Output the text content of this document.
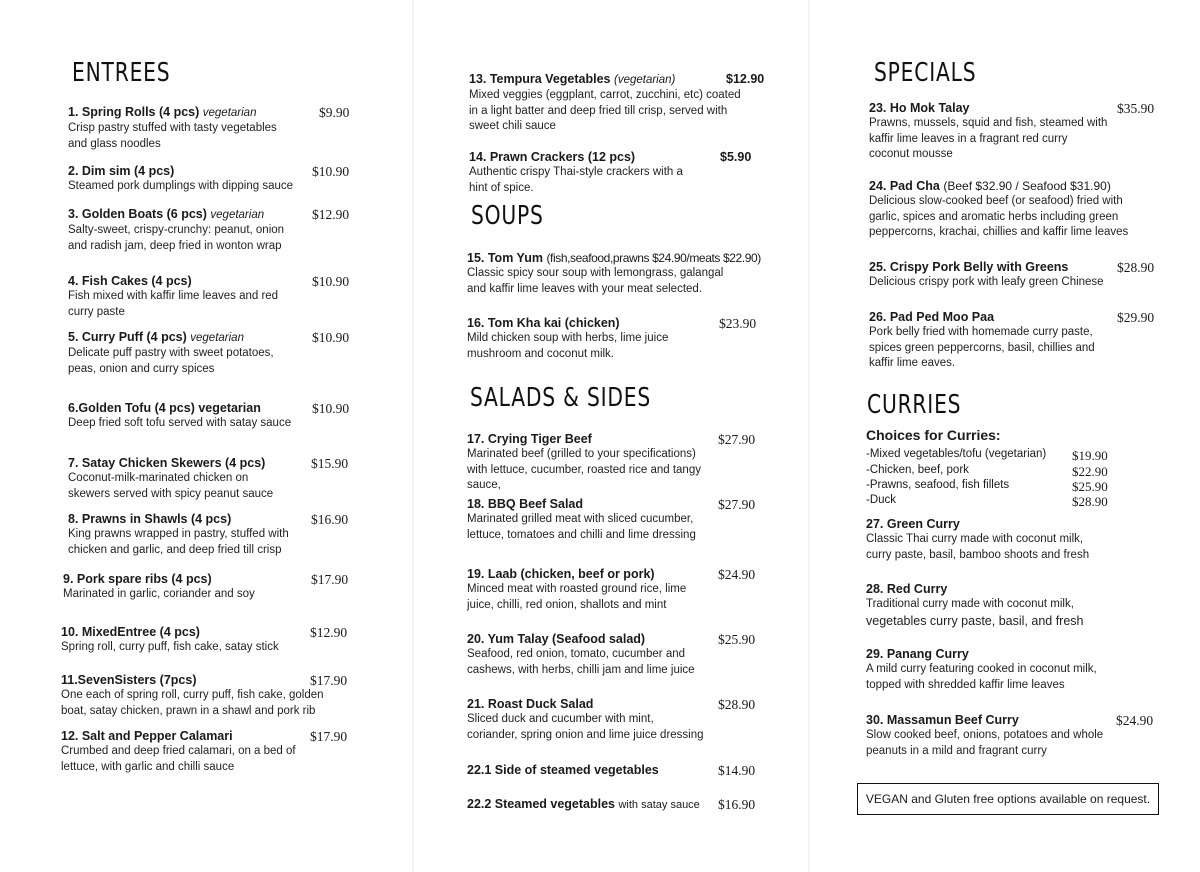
ENTREES
1. Spring Rolls (4 pcs) vegetarian	$9.90
Crisp pastry stuffed with tasty vegetables
and glass noodles
2. Dim sim (4 pcs)	$10.90
Steamed pork dumplings with dipping sauce
3. Golden Boats (6 pcs) vegetarian	$12.90
Salty-sweet, crispy-crunchy: peanut, onion
and radish jam, deep fried in wonton wrap
4. Fish Cakes (4 pcs)	$10.90
Fish mixed with kaffir lime leaves and red
curry paste
5. Curry Puff (4 pcs) vegetarian	$10.90
Delicate puff pastry with sweet potatoes,
peas, onion and curry spices
6.Golden Tofu (4 pcs) vegetarian	$10.90
Deep fried soft tofu served with satay sauce
7. Satay Chicken Skewers (4 pcs)	$15.90
Coconut-milk-marinated chicken on
skewers served with spicy peanut sauce
8. Prawns in Shawls (4 pcs)	$16.90
King prawns wrapped in pastry, stuffed with
chicken and garlic, and deep fried till crisp
9. Pork spare ribs (4 pcs)	$17.90
Marinated in garlic, coriander and soy
10. MixedEntree (4 pcs)	$12.90
Spring roll, curry puff, fish cake, satay stick
11.SevenSisters (7pcs)	$17.90
One each of spring roll, curry puff, fish cake, golden
boat, satay chicken, prawn in a shawl and pork rib
12. Salt and Pepper Calamari	$17.90
Crumbed and deep fried calamari, on a bed of
lettuce, with garlic and chilli sauce
13. Tempura Vegetables (vegetarian)	$12.90
Mixed veggies (eggplant, carrot, zucchini, etc) coated
in a light batter and deep fried till crisp, served with
sweet chili sauce
14. Prawn Crackers (12 pcs)	$5.90
Authentic crispy Thai-style crackers with a
hint of spice.
SOUPS
15. Tom Yum (fish,seafood,prawns $24.90/meats $22.90)
Classic spicy sour soup with lemongrass, galangal
and kaffir lime leaves with your meat selected.
16. Tom Kha kai (chicken)	$23.90
Mild chicken soup with herbs, lime juice
mushroom and coconut milk.
SALADS & SIDES
17. Crying Tiger Beef	$27.90
Marinated beef (grilled to your specifications)
with lettuce, cucumber, roasted rice and tangy
sauce,
18. BBQ Beef Salad	$27.90
Marinated grilled meat with sliced cucumber,
lettuce, tomatoes and chilli and lime dressing
19. Laab (chicken, beef or pork)	$24.90
Minced meat with roasted ground rice, lime
juice, chilli, red onion, shallots and mint
20. Yum Talay (Seafood salad)	$25.90
Seafood, red onion, tomato, cucumber and
cashews, with herbs, chilli jam and lime juice
21. Roast Duck Salad	$28.90
Sliced duck and cucumber with mint,
coriander, spring onion and lime juice dressing
22.1 Side of steamed vegetables	$14.90
22.2 Steamed vegetables with satay sauce $16.90
SPECIALS
23. Ho Mok Talay	$35.90
Prawns, mussels, squid and fish, steamed with
kaffir lime leaves in a fragrant red curry
coconut mousse
24. Pad Cha (Beef $32.90 / Seafood $31.90)
Delicious slow-cooked beef (or seafood) fried with
garlic, spices and aromatic herbs including green
peppercorns, krachai, chillies and kaffir lime leaves
25. Crispy Pork Belly with Greens	$28.90
Delicious crispy pork with leafy green Chinese
26. Pad Ped Moo Paa	$29.90
Pork belly fried with homemade curry paste,
spices green peppercorns, basil, chillies and
kaffir lime eaves.
CURRIES
Choices for Curries:
-Mixed vegetables/tofu (vegetarian) $19.90
-Chicken, beef, pork	$22.90
-Prawns, seafood, fish fillets	$25.90
-Duck	$28.90
27. Green Curry
Classic Thai curry made with coconut milk,
curry paste, basil, bamboo shoots and fresh
28. Red Curry
Traditional curry made with coconut milk,
vegetables curry paste, basil, and fresh
29. Panang Curry
A mild curry featuring cooked in coconut milk,
topped with shredded kaffir lime leaves
30. Massamun Beef Curry	$24.90
Slow cooked beef, onions, potatoes and whole
peanuts in a mild and fragrant curry
VEGAN and Gluten free options available on request.
